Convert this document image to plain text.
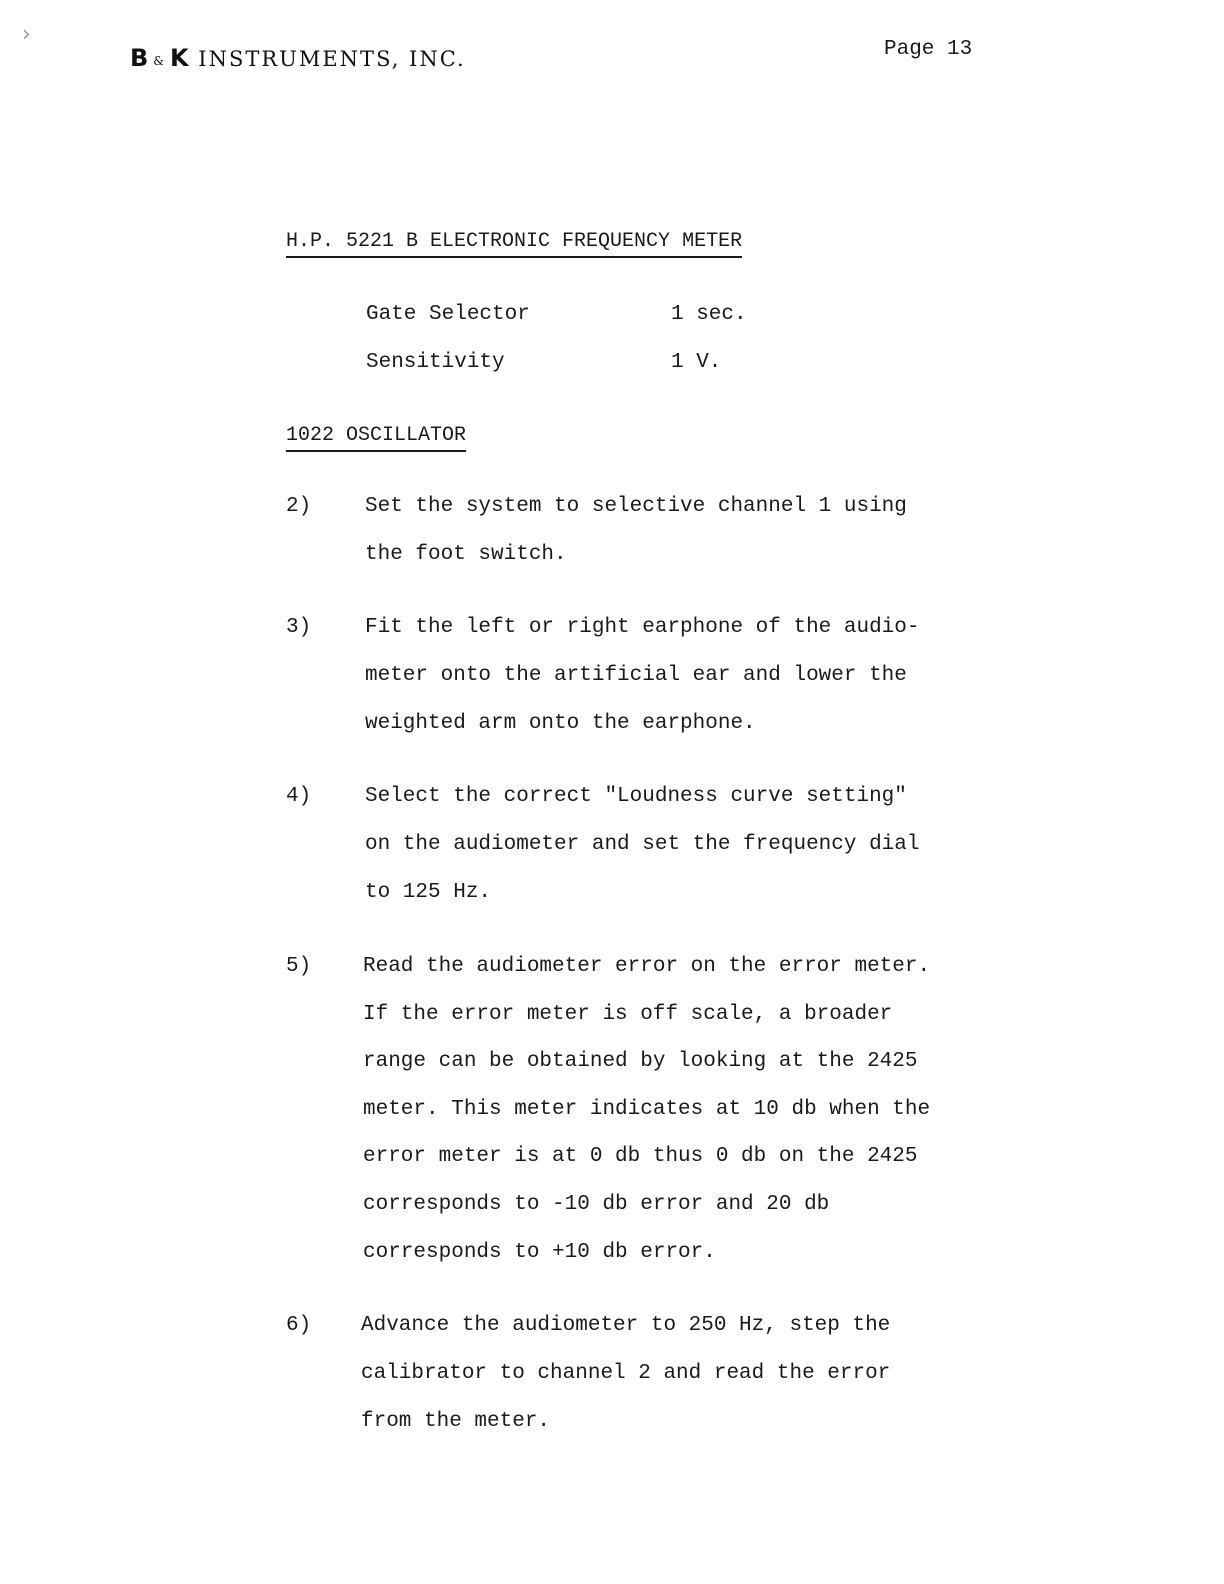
B & K INSTRUMENTS, INC.	Page 13
›
H.P. 5221 B ELECTRONIC FREQUENCY METER
Gate Selector	1 sec.
Sensitivity	1 V.
1022 OSCILLATOR
2)	Set the system to selective channel 1 using
the foot switch.
3)	Fit the left or right earphone of the audio-
meter onto the artificial ear and lower the
weighted arm onto the earphone.
4)	Select the correct "Loudness curve setting"
on the audiometer and set the frequency dial
to 125 Hz.
5) Read the audiometer error on the error meter.
If the error meter is off scale, a broader
range can be obtained by looking at the 2425
meter. This meter indicates at 10 db when the
error meter is at 0 db thus 0 db on the 2425
corresponds to -10 db error and 20 db
corresponds to +10 db error.
6) Advance the audiometer to 250 Hz, step the
calibrator to channel 2 and read the error
from the meter.
